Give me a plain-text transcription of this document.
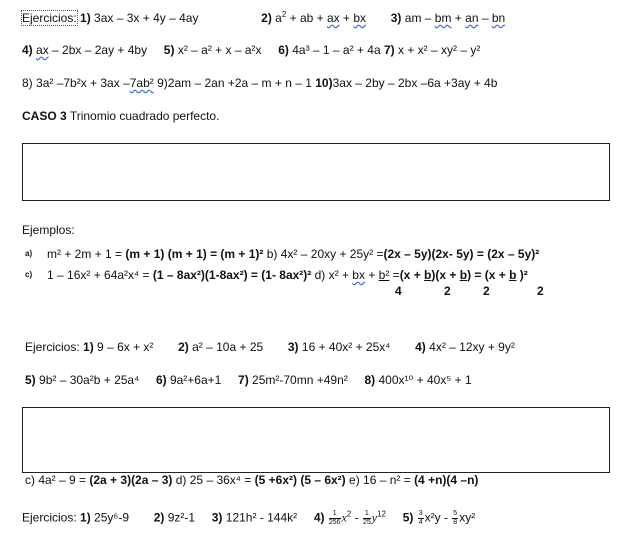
Ejercicios: 1) 3ax – 3x + 4y – 4ay	2) $a^2$ + ab + ax + bx 3) am – bm + an – bn
4) ax – 2bx – 2ay + 4by 5) x² – a² + x – a²x 6) 4a³ – 1 – a² + 4a 7) x + x² – xy² – y²
8) 3a² –7b²x + 3ax –7ab² 9)2am – 2an +2a – m + n – 1 10)3ax – 2by – 2bx –6a +3ay + 4b
CASO 3 Trinomio cuadrado perfecto.
Ejemplos:
a) m² + 2m + 1 = (m + 1) (m + 1) = (m + 1)² b) 4x² – 20xy + 25y² =(2x – 5y)(2x- 5y) = (2x – 5y)²
c) 1 – 16x² + 64a²x⁴ = (1 – 8ax²)(1-8ax²) = (1- 8ax²)² d) x² + bx + b² =(x + b)(x + b) = (x + b )²
4	2	2	2
Ejercicios: 1) 9 – 6x + x² 2) a² – 10a + 25 3) 16 + 40x² + 25x⁴ 4) 4x² – 12xy + 9y²
5) 9b² – 30a²b + 25a⁴ 6) 9a²+6a+1 7) 25m²-70mn +49n² 8) 400x¹⁰ + 40x⁵ + 1
c) 4a² – 9 = (2a + 3)(2a – 3) d) 25 – 36x⁴ = (5 +6x²) (5 – 6x²) e) 16 – n² = (4 +n)(4 –n)
Ejercicios: 1) 25y⁶-9 2) 9z²-1 3) 121h² - 144k² $4) \frac{1}{256} x^2 - \frac{1}{25} y^{12}$ $5) \frac{3}{4} x^2y - \frac{5}{8} xy^2$
